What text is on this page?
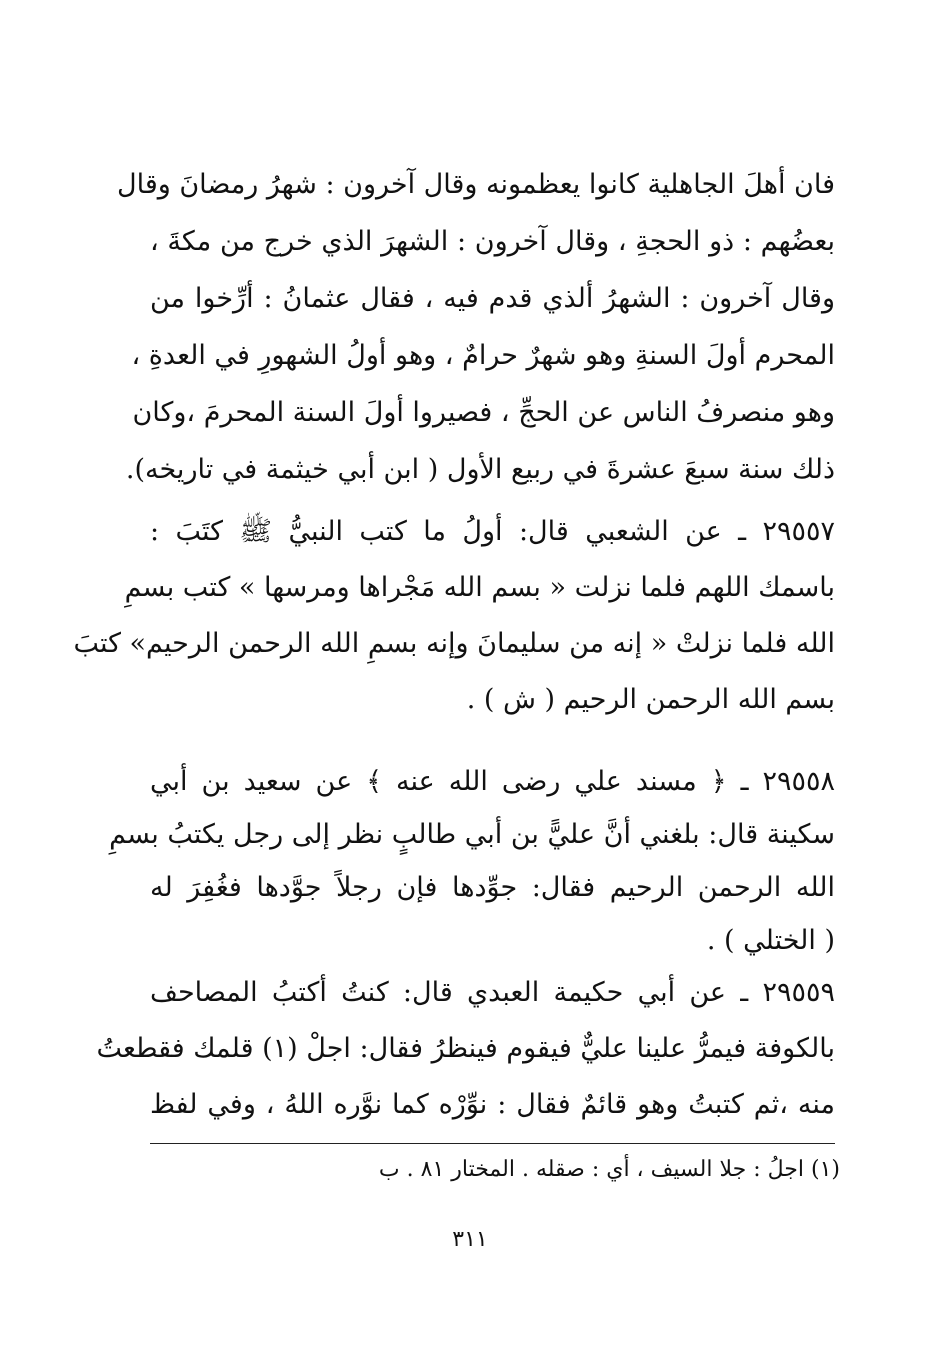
فان أهلَ الجاهلية كانوا يعظمونه وقال آخرون : شهرُ رمضانَ وقال
بعضُهم : ذو الحجةِ ، وقال آخرون : الشهرَ الذي خرج من مكةَ ،
وقال آخرون : الشهرُ ألذي قدم فيه ، فقال عثمانُ : أرِّخوا من
المحرم أولَ السنةِ وهو شهرٌ حرامٌ ، وهو أولُ الشهورِ في العدةِ ،
وهو منصرفُ الناس عن الحجِّ ، فصيروا أولَ السنة المحرمَ ،وكان
ذلك سنة سبعَ عشرةَ في ربيع الأول ( ابن أبي خيثمة في تاريخه).
٢٩٥٥٧ ـ عن الشعبي قال: أولُ ما كتب النبيُّ ﷺ كتَبَ :
باسمك اللهم فلما نزلت « بسم الله مَجْراها ومرسها » كتب بسمِ
الله فلما نزلتْ « إنه من سليمانَ وإنه بسمِ الله الرحمن الرحيم» كتبَ
بسم الله الرحمن الرحيم ( ش ) .
٢٩٥٥٨ ـ ﴿ مسند علي رضى الله عنه ﴾ عن سعيد بن أبي
سكينة قال: بلغني أنَّ عليًّ بن أبي طالبٍ نظر إلى رجل يكتبُ بسمِ
الله الرحمن الرحيم فقال: جوِّدها فإن رجلاً جوَّدها فغُفِرَ له
( الختلي ) .
٢٩٥٥٩ ـ عن أبي حكيمة العبدي قال: كنتُ أكتبُ المصاحف
بالكوفة فيمرُّ علينا عليٌّ فيقوم فينظرُ فقال: اجلْ (١) قلمك فقطعتُ
منه ،ثم كتبتُ وهو قائمٌ فقال : نوِّرْه كما نوَّره اللهُ ، وفي لفظ
(١) اجلُ : جلا السيف ، أي : صقله . المختار ٨١ . ب
٣١١
